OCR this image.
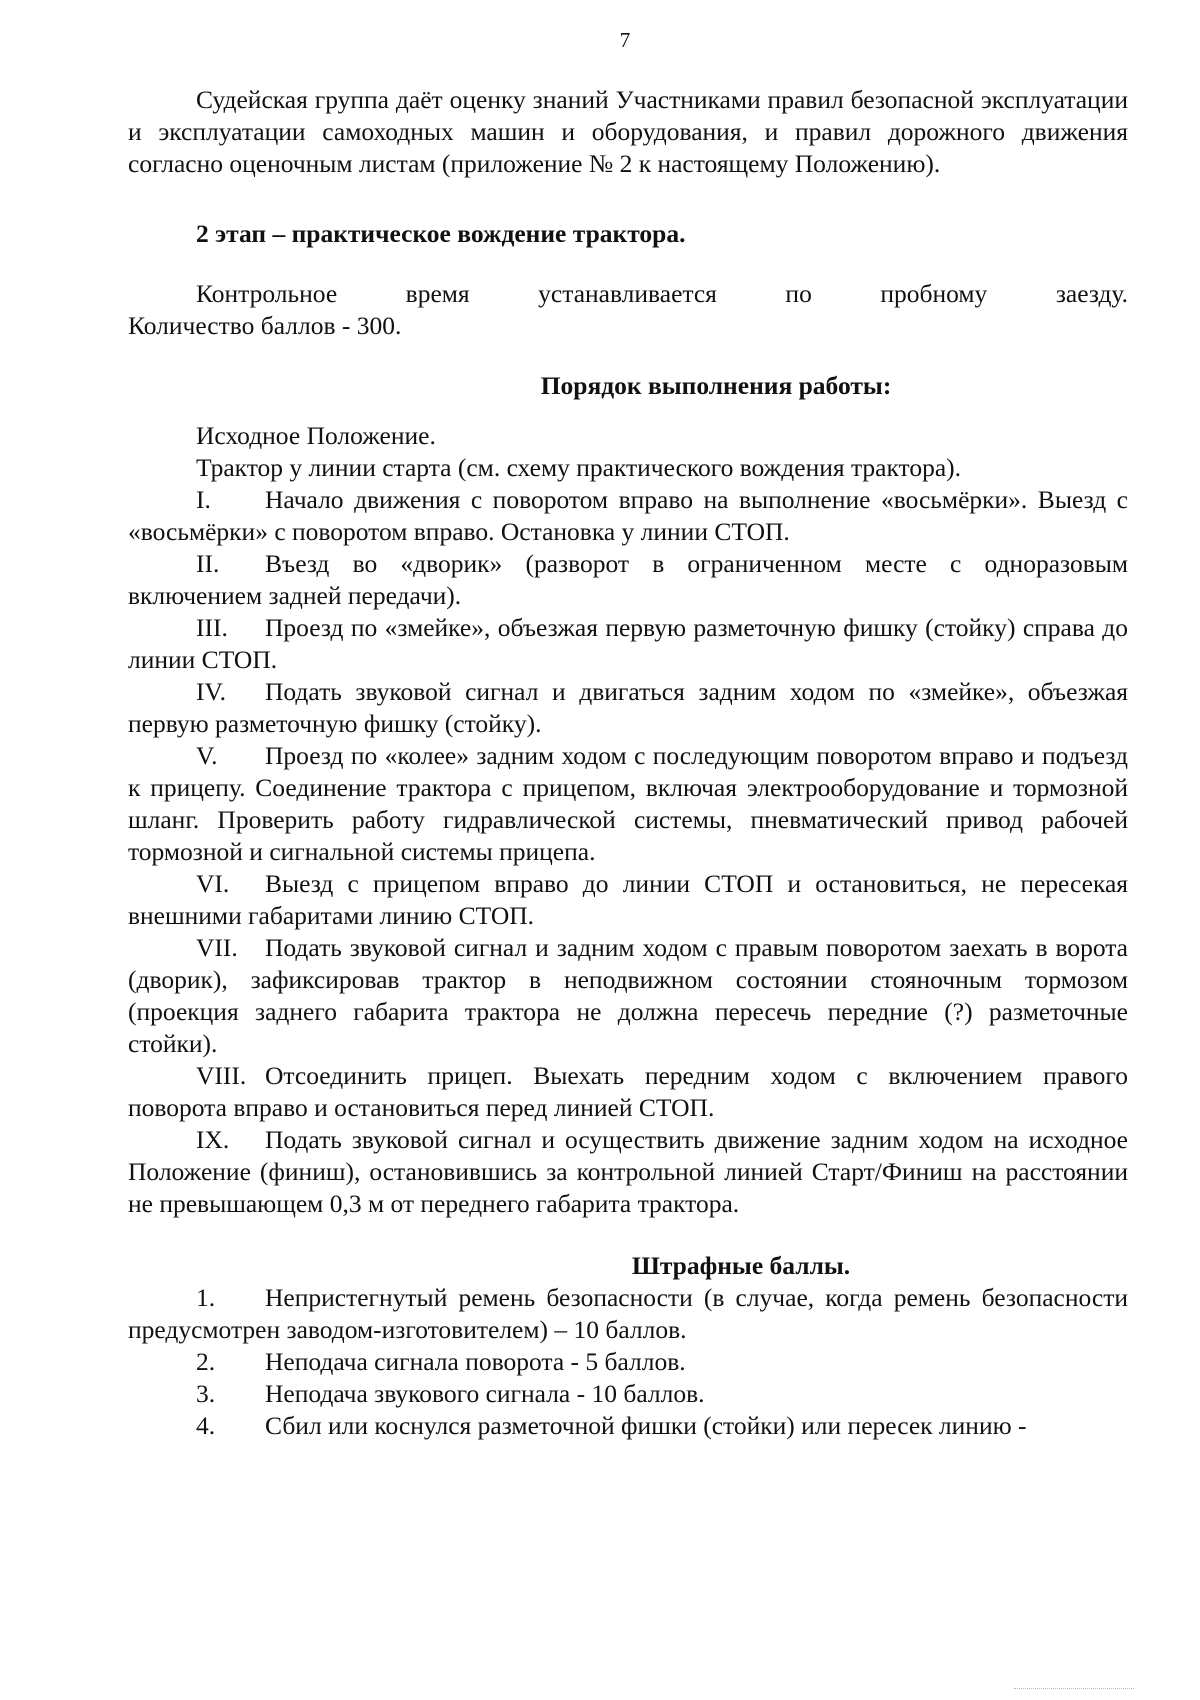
7

Судейская группа даёт оценку знаний Участниками правил безопасной эксплуатации и эксплуатации самоходных машин и оборудования, и правил дорожного движения согласно оценочным листам (приложение № 2 к настоящему Положению).

2 этап – практическое вождение трактора.

Контрольное время устанавливается по пробному заезду.

Количество баллов - 300.

Порядок выполнения работы:

Исходное Положение.

Трактор у линии старта (см. схему практического вождения трактора).

I. Начало движения с поворотом вправо на выполнение «восьмёрки». Выезд с «восьмёрки» с поворотом вправо. Остановка у линии СТОП.

II. Въезд во «дворик» (разворот в ограниченном месте с одноразовым включением задней передачи).

III. Проезд по «змейке», объезжая первую разметочную фишку (стойку) справа до линии СТОП.

IV. Подать звуковой сигнал и двигаться задним ходом по «змейке», объезжая первую разметочную фишку (стойку).

V. Проезд по «колее» задним ходом с последующим поворотом вправо и подъезд к прицепу. Соединение трактора с прицепом, включая электрооборудование и тормозной шланг. Проверить работу гидравлической системы, пневматический привод рабочей тормозной и сигнальной системы прицепа.

VI. Выезд с прицепом вправо до линии СТОП и остановиться, не пересекая внешними габаритами линию СТОП.

VII. Подать звуковой сигнал и задним ходом с правым поворотом заехать в ворота (дворик), зафиксировав трактор в неподвижном состоянии стояночным тормозом (проекция заднего габарита трактора не должна пересечь передние (?) разметочные стойки).

VIII. Отсоединить прицеп. Выехать передним ходом с включением правого поворота вправо и остановиться перед линией СТОП.

IX. Подать звуковой сигнал и осуществить движение задним ходом на исходное Положение (финиш), остановившись за контрольной линией Старт/Финиш на расстоянии не превышающем 0,3 м от переднего габарита трактора.

Штрафные баллы.

1. Непристегнутый ремень безопасности (в случае, когда ремень безопасности предусмотрен заводом-изготовителем) – 10 баллов.

2. Неподача сигнала поворота - 5 баллов.

3. Неподача звукового сигнала - 10 баллов.

4. Сбил или коснулся разметочной фишки (стойки) или пересек линию -
